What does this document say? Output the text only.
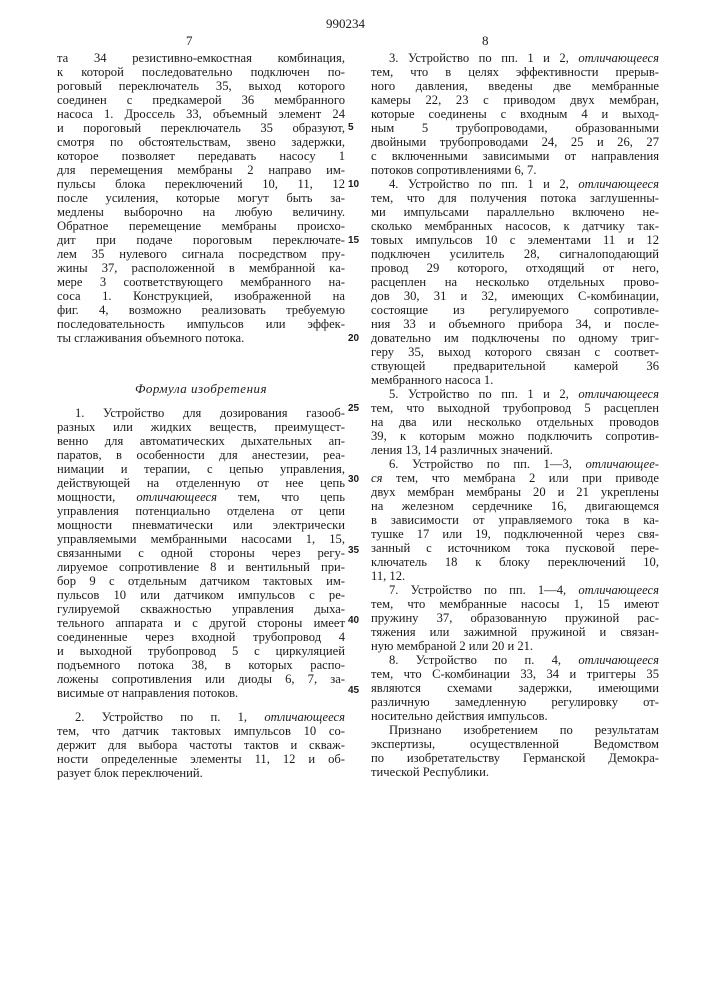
7
990234
8
5
10
15
20
25
30
35
40
45
та 34 резистивно-емкостная комбинация,
к которой последовательно подключен по-
роговый переключатель 35, выход которого
соединен с предкамерой 36 мембранного
насоса 1. Дроссель 33, объемный элемент 24
и пороговый переключатель 35 образуют,
смотря по обстоятельствам, звено задержки,
которое позволяет передавать насосу 1
для перемещения мембраны 2 направо им-
пульсы блока переключений 10, 11, 12
после усиления, которые могут быть за-
медлены выборочно на любую величину.
Обратное перемещение мембраны происхо-
дит при подаче пороговым переключате-
лем 35 нулевого сигнала посредством пру-
жины 37, расположенной в мембранной ка-
мере 3 соответствующего мембранного на-
соса 1. Конструкцией, изображенной на
фиг. 4, возможно реализовать требуемую
последовательность импульсов или эффек-
ты сглаживания объемного потока.
Формула изобретения
1. Устройство для дозирования газооб-
разных или жидких веществ, преимущест-
венно для автоматических дыхательных ап-
паратов, в особенности для анестезии, реа-
нимации и терапии, с цепью управления,
действующей на отделенную от нее цепь
мощности, отличающееся тем, что цепь
управления потенциально отделена от цепи
мощности пневматически или электрически
управляемыми мембранными насосами 1, 15,
связанными с одной стороны через регу-
лируемое сопротивление 8 и вентильный при-
бор 9 с отдельным датчиком тактовых им-
пульсов 10 или датчиком импульсов с ре-
гулируемой скважностью управления дыха-
тельного аппарата и с другой стороны имеет
соединенные через входной трубопровод 4
и выходной трубопровод 5 с циркуляцией
подъемного потока 38, в которых распо-
ложены сопротивления или диоды 6, 7, за-
висимые от направления потоков.
2. Устройство по п. 1, отличающееся
тем, что датчик тактовых импульсов 10 со-
держит для выбора частоты тактов и скваж-
ности определенные элементы 11, 12 и об-
разует блок переключений.
3. Устройство по пп. 1 и 2, отличающееся
тем, что в целях эффективности прерыв-
ного давления, введены две мембранные
камеры 22, 23 с приводом двух мембран,
которые соединены с входным 4 и выход-
ным 5 трубопроводами, образованными
двойными трубопроводами 24, 25 и 26, 27
с включенными зависимыми от направления
потоков сопротивлениями 6, 7.
4. Устройство по пп. 1 и 2, отличающееся
тем, что для получения потока заглушенны-
ми импульсами параллельно включено не-
сколько мембранных насосов, к датчику так-
товых импульсов 10 с элементами 11 и 12
подключен усилитель 28, сигналоподающий
провод 29 которого, отходящий от него,
расцеплен на несколько отдельных прово-
дов 30, 31 и 32, имеющих С-комбинации,
состоящие из регулируемого сопротивле-
ния 33 и объемного прибора 34, и после-
довательно им подключены по одному триг-
геру 35, выход которого связан с соответ-
ствующей предварительной камерой 36
мембранного насоса 1.
5. Устройство по пп. 1 и 2, отличающееся
тем, что выходной трубопровод 5 расцеплен
на два или несколько отдельных проводов
39, к которым можно подключить сопротив-
ления 13, 14 различных значений.
6. Устройство по пп. 1—3, отличающее-
ся тем, что мембрана 2 или при приводе
двух мембран мембраны 20 и 21 укреплены
на железном сердечнике 16, двигающемся
в зависимости от управляемого тока в ка-
тушке 17 или 19, подключенной через свя-
занный с источником тока пусковой пере-
ключатель 18 к блоку переключений 10,
11, 12.
7. Устройство по пп. 1—4, отличающееся
тем, что мембранные насосы 1, 15 имеют
пружину 37, образованную пружиной рас-
тяжения или зажимной пружиной и связан-
ную мембраной 2 или 20 и 21.
8. Устройство по п. 4, отличающееся
тем, что С-комбинации 33, 34 и триггеры 35
являются схемами задержки, имеющими
различную замедленную регулировку от-
носительно действия импульсов.
Признано изобретением по результатам
экспертизы, осуществленной Ведомством
по изобретательству Германской Демокра-
тической Республики.
